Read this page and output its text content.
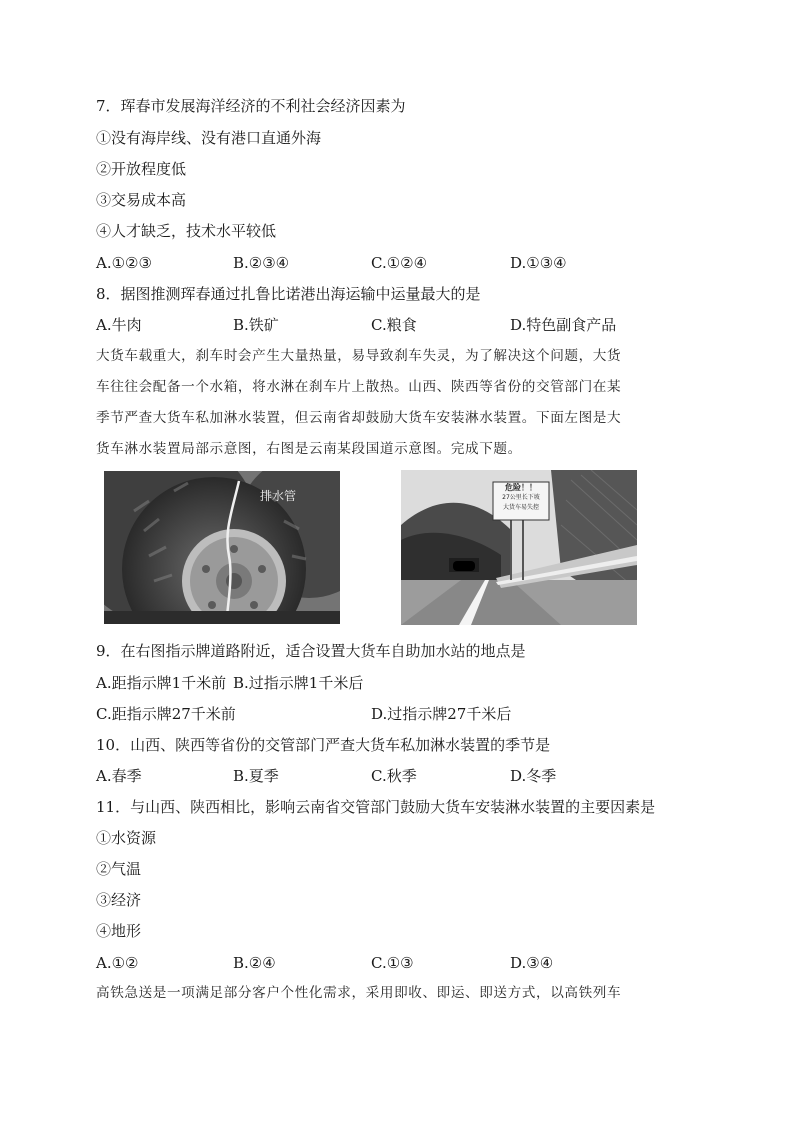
7．珲春市发展海洋经济的不利社会经济因素为
①没有海岸线、没有港口直通外海
②开放程度低
③交易成本高
④人才缺乏，技术水平较低
A.①②③	B.②③④	C.①②④	D.①③④
8．据图推测珲春通过扎鲁比诺港出海运输中运量最大的是
A.牛肉	B.铁矿	C.粮食	D.特色副食产品
大货车载重大，刹车时会产生大量热量，易导致刹车失灵，为了解决这个问题，大货
车往往会配备一个水箱，将水淋在刹车片上散热。山西、陕西等省份的交管部门在某
季节严查大货车私加淋水装置，但云南省却鼓励大货车安装淋水装置。下面左图是大
货车淋水装置局部示意图，右图是云南某段国道示意图。完成下题。
排水管
危险！！
27公里长下坡
大货车易失控
9．在右图指示牌道路附近，适合设置大货车自助加水站的地点是
A.距指示牌1千米前 B.过指示牌1千米后
C.距指示牌27千米前	D.过指示牌27千米后
10．山西、陕西等省份的交管部门严查大货车私加淋水装置的季节是
A.春季	B.夏季	C.秋季	D.冬季
11．与山西、陕西相比，影响云南省交管部门鼓励大货车安装淋水装置的主要因素是
①水资源
②气温
③经济
④地形
A.①②	B.②④	C.①③	D.③④
高铁急送是一项满足部分客户个性化需求，采用即收、即运、即送方式，以高铁列车
